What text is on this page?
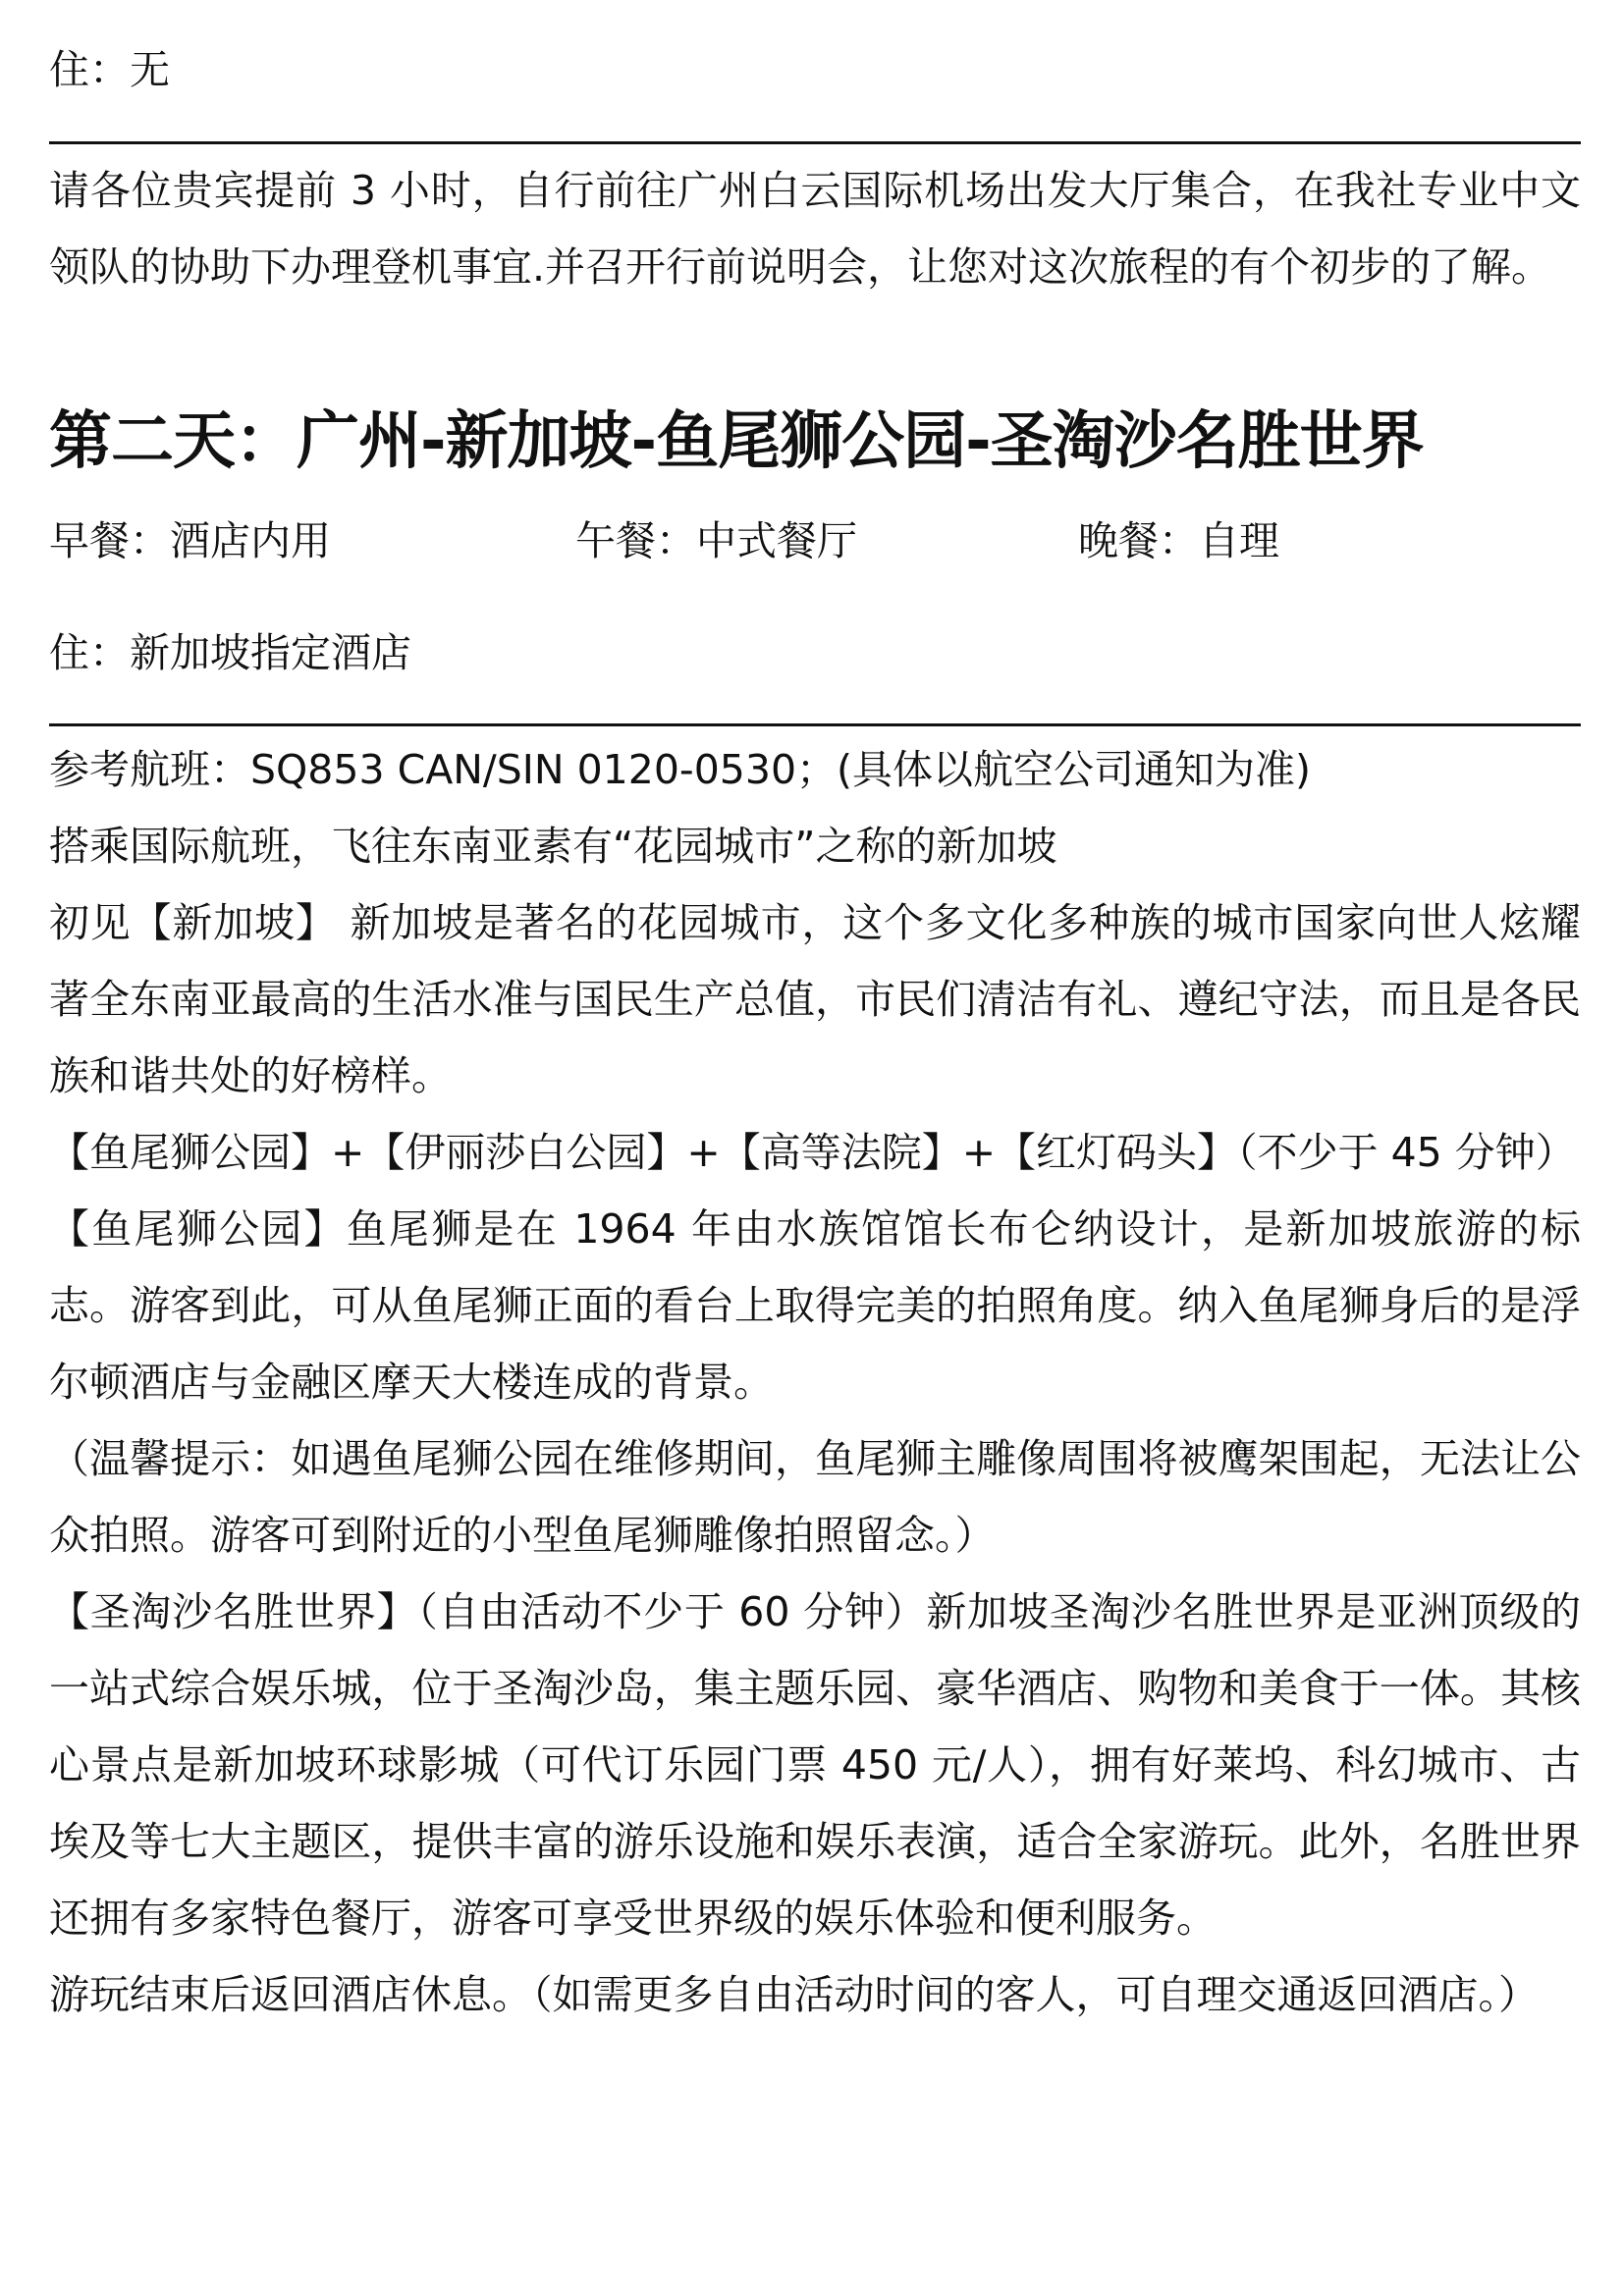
住：无

请各位贵宾提前 3 小时，自行前往广州白云国际机场出发大厅集合，在我社专业中文领队的协助下办理登机事宜.并召开行前说明会，让您对这次旅程的有个初步的了解。

第二天：广州-新加坡-鱼尾狮公园-圣淘沙名胜世界
早餐：酒店内用	午餐：中式餐厅	晚餐：自理

住：新加坡指定酒店

参考航班：SQ853 CAN/SIN 0120-0530；(具体以航空公司通知为准)

搭乘国际航班，飞往东南亚素有“花园城市”之称的新加坡

初见【新加坡】 新加坡是著名的花园城市，这个多文化多种族的城市国家向世人炫耀著全东南亚最高的生活水准与国民生产总值，市民们清洁有礼、遵纪守法，而且是各民族和谐共处的好榜样。

【鱼尾狮公园】+【伊丽莎白公园】+【高等法院】+【红灯码头】（不少于 45 分钟）

【鱼尾狮公园】鱼尾狮是在 1964 年由水族馆馆长布仑纳设计，是新加坡旅游的标志。游客到此，可从鱼尾狮正面的看台上取得完美的拍照角度。纳入鱼尾狮身后的是浮尔顿酒店与金融区摩天大楼连成的背景。

（温馨提示：如遇鱼尾狮公园在维修期间，鱼尾狮主雕像周围将被鹰架围起，无法让公众拍照。游客可到附近的小型鱼尾狮雕像拍照留念。）

【圣淘沙名胜世界】（自由活动不少于 60 分钟）新加坡圣淘沙名胜世界是亚洲顶级的一站式综合娱乐城，位于圣淘沙岛，集主题乐园、豪华酒店、购物和美食于一体。其核心景点是新加坡环球影城（可代订乐园门票 450 元/人），拥有好莱坞、科幻城市、古埃及等七大主题区，提供丰富的游乐设施和娱乐表演，适合全家游玩。此外，名胜世界还拥有多家特色餐厅，游客可享受世界级的娱乐体验和便利服务。

游玩结束后返回酒店休息。（如需更多自由活动时间的客人，可自理交通返回酒店。）
